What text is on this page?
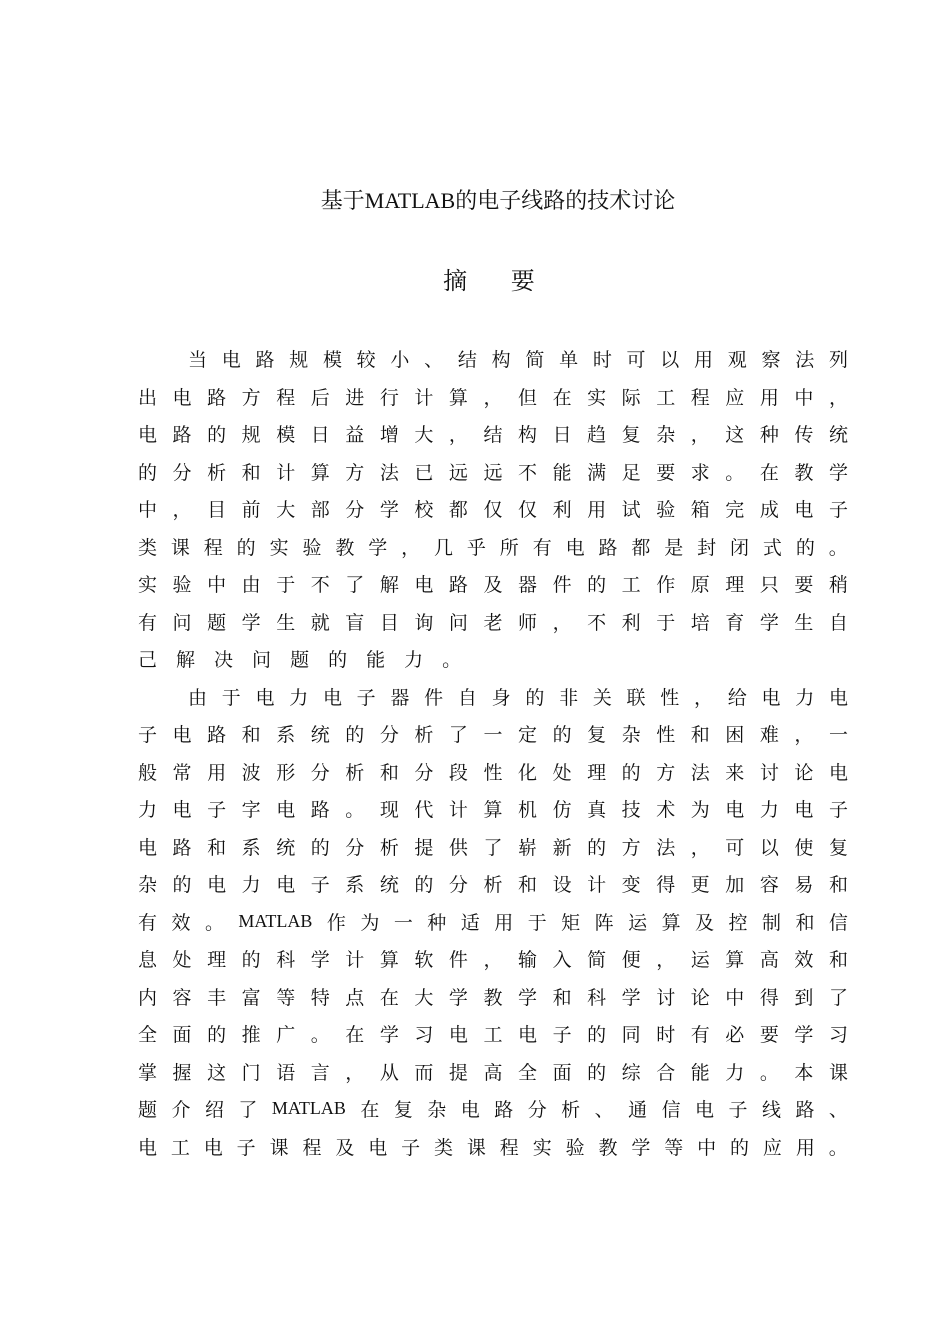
基于MATLAB的电子线路的技术讨论
摘 要
当 电 路 规 模 较 小 、 结 构 简 单 时 可 以 用 观 察 法 列
出 电 路 方 程 后 进 行 计 算 ， 但 在 实 际 工 程 应 用 中 ，
电 路 的 规 模 日 益 增 大 ， 结 构 日 趋 复 杂 ， 这 种 传 统
的 分 析 和 计 算 方 法 已 远 远 不 能 满 足 要 求 。 在 教 学
中 ， 目 前 大 部 分 学 校 都 仅 仅 利 用 试 验 箱 完 成 电 子
类 课 程 的 实 验 教 学 ， 几 乎 所 有 电 路 都 是 封 闭 式 的 。
实 验 中 由 于 不 了 解 电 路 及 器 件 的 工 作 原 理 只 要 稍
有 问 题 学 生 就 盲 目 询 问 老 师 ， 不 利 于 培 育 学 生 自
己 解 决 问 题 的 能 力 。
由 于 电 力 电 子 器 件 自 身 的 非 关 联 性 ， 给 电 力 电
子 电 路 和 系 统 的 分 析 了 一 定 的 复 杂 性 和 困 难 ， 一
般 常 用 波 形 分 析 和 分 段 性 化 处 理 的 方 法 来 讨 论 电
力 电 子 字 电 路 。 现 代 计 算 机 仿 真 技 术 为 电 力 电 子
电 路 和 系 统 的 分 析 提 供 了 崭 新 的 方 法 ， 可 以 使 复
杂 的 电 力 电 子 系 统 的 分 析 和 设 计 变 得 更 加 容 易 和
有 效 。 MATLAB 作 为 一 种 适 用 于 矩 阵 运 算 及 控 制 和 信
息 处 理 的 科 学 计 算 软 件 ， 输 入 简 便 ， 运 算 高 效 和
内 容 丰 富 等 特 点 在 大 学 教 学 和 科 学 讨 论 中 得 到 了
全 面 的 推 广 。 在 学 习 电 工 电 子 的 同 时 有 必 要 学 习
掌 握 这 门 语 言 ， 从 而 提 高 全 面 的 综 合 能 力 。 本 课
题 介 绍 了 MATLAB 在 复 杂 电 路 分 析 、 通 信 电 子 线 路 、
电 工 电 子 课 程 及 电 子 类 课 程 实 验 教 学 等 中 的 应 用 。
